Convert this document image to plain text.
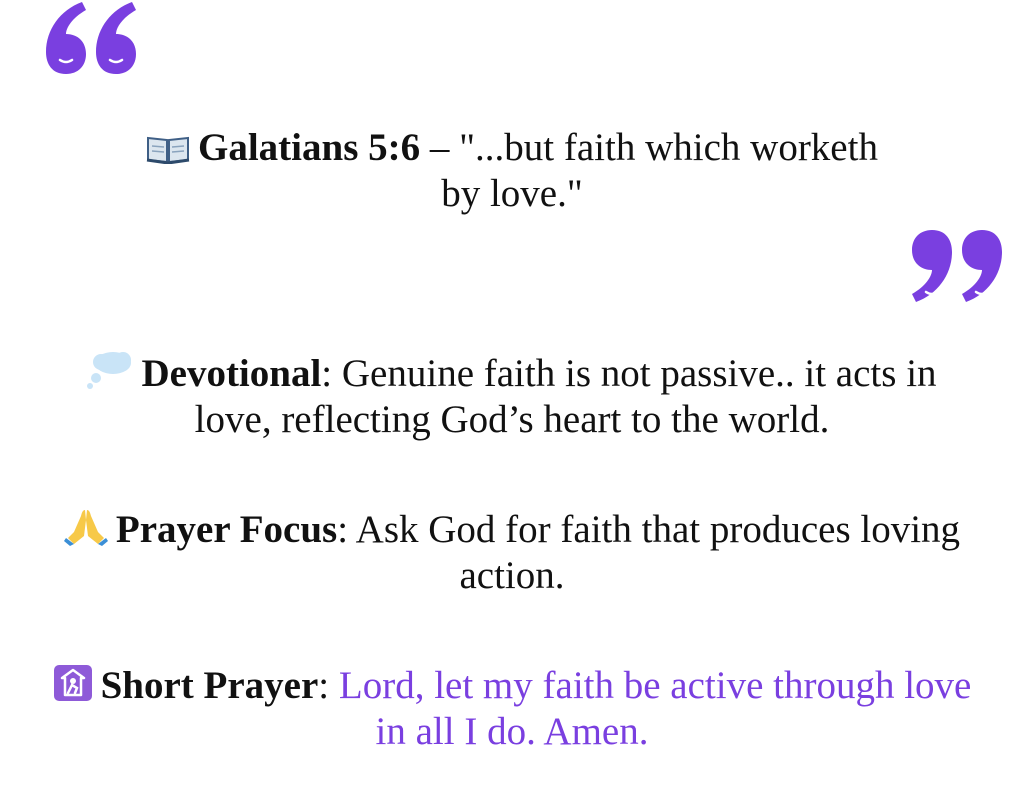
Galatians 5:6 – "...but faith which worketh
by love."
Devotional: Genuine faith is not passive.. it acts in
love, reflecting God’s heart to the world.
Prayer Focus: Ask God for faith that produces loving
action.
Short Prayer: Lord, let my faith be active through love
in all I do. Amen.
